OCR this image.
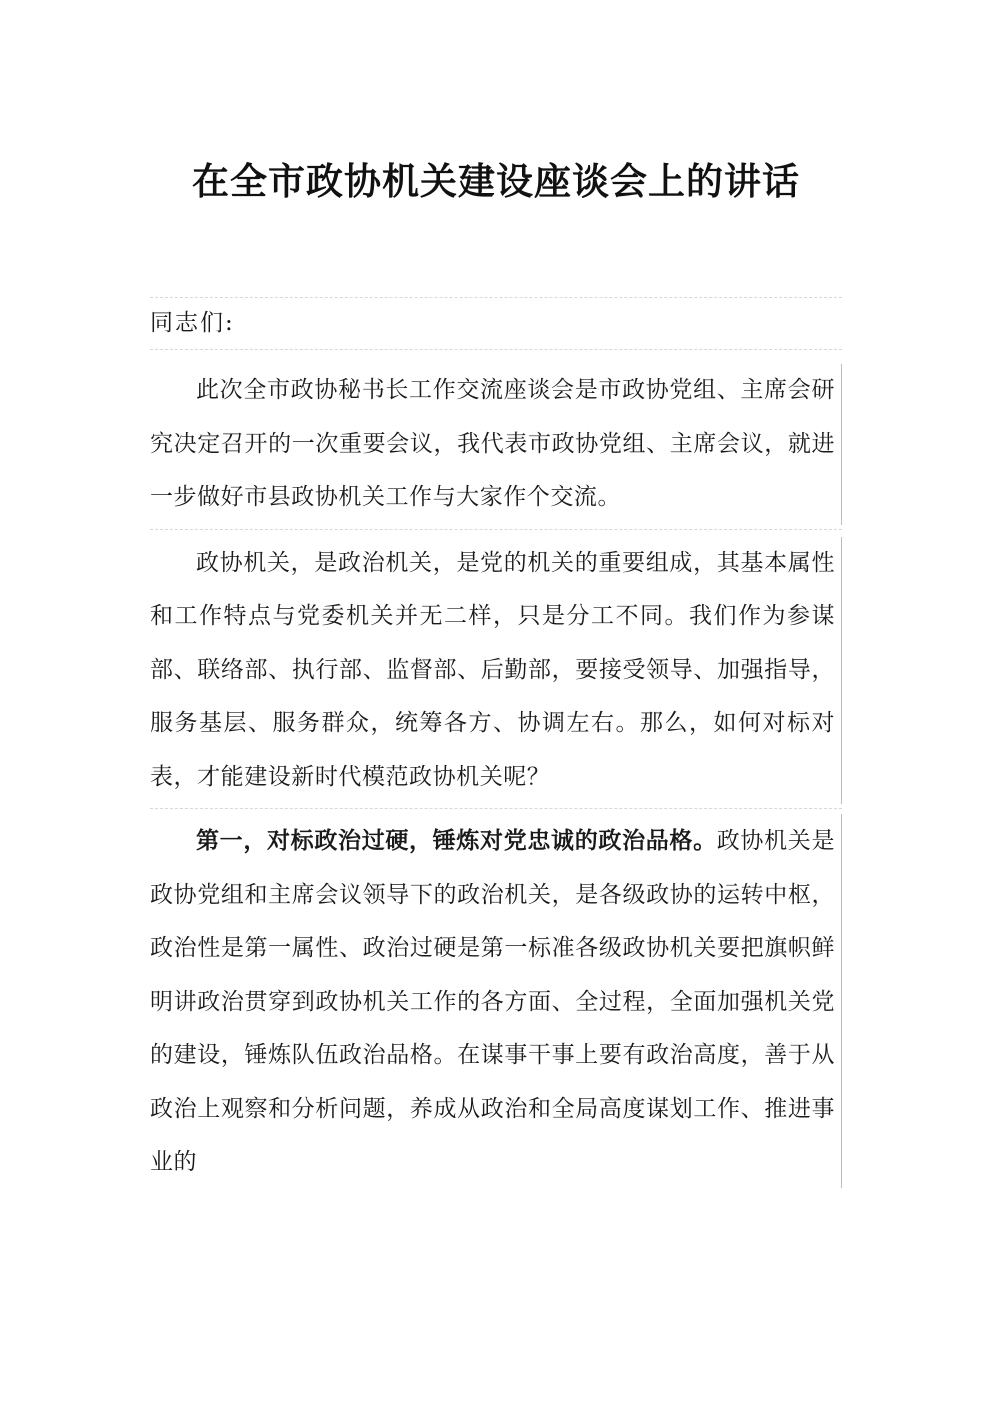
在全市政协机关建设座谈会上的讲话
同志们:

此次全市政协秘书长工作交流座谈会是市政协党组、主席会研究决定召开的一次重要会议，我代表市政协党组、主席会议，就进一步做好市县政协机关工作与大家作个交流。

政协机关，是政治机关，是党的机关的重要组成，其基本属性和工作特点与党委机关并无二样，只是分工不同。我们作为参谋部、联络部、执行部、监督部、后勤部，要接受领导、加强指导，服务基层、服务群众，统筹各方、协调左右。那么，如何对标对表，才能建设新时代模范政协机关呢？

第一，对标政治过硬，锤炼对党忠诚的政治品格。政协机关是政协党组和主席会议领导下的政治机关，是各级政协的运转中枢，政治性是第一属性、政治过硬是第一标准各级政协机关要把旗帜鲜明讲政治贯穿到政协机关工作的各方面、全过程，全面加强机关党的建设，锤炼队伍政治品格。在谋事干事上要有政治高度，善于从政治上观察和分析问题，养成从政治和全局高度谋划工作、推进事业的
